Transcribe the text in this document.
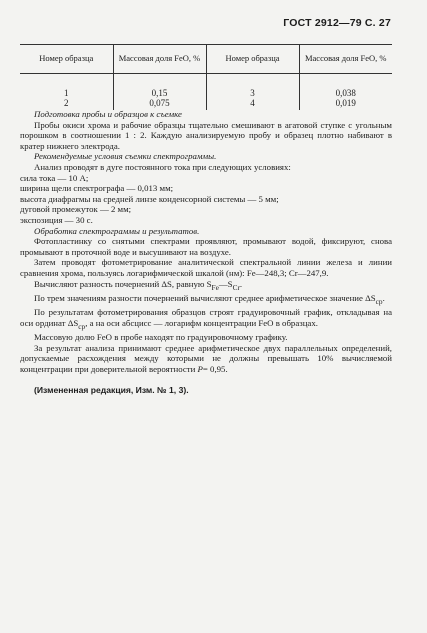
ГОСТ 2912—79 С. 27
Номер образца	Массовая доля FeO, %	Номер образца	Массовая доля FeO, %
1	0,15	3	0,038
2	0,075	4	0,019

Подготовка пробы и образцов к съемке

Пробы окиси хрома и рабочие образцы тщательно смешивают в агатовой ступке с угольным порошком в соотношении 1 : 2. Каждую анализируемую пробу и образец плотно набивают в кратер нижнего электрода.

Рекомендуемые условия съемки спектрограммы.

Анализ проводят в дуге постоянного тока при следующих условиях:

сила тока — 10 А;

ширина щели спектрографа — 0,013 мм;

высота диафрагмы на средней линзе конденсорной системы — 5 мм;

дуговой промежуток — 2 мм;

экспозиция — 30 с.

Обработка спектрограммы и результатов.

Фотопластинку со снятыми спектрами проявляют, промывают водой, фиксируют, снова промывают в проточной воде и высушивают на воздухе.

Затем проводят фотометрирование аналитической спектральной линии железа и линии сравнения хрома, пользуясь логарифмической шкалой (нм): Fe—248,3; Cr—247,9.

Вычисляют разность почернений ΔS, равную $S_{Fe}—S_{Cr}$.

По трем значениям разности почернений вычисляют среднее арифметическое значение $\Delta S_{ср}$.

По результатам фотометрирования образцов строят градуировочный график, откладывая на оси ординат $\Delta S_{ср}$, а на оси абсцисс — логарифм концентрации FeO в образцах.

Массовую долю FeO в пробе находят по градуировочному графику.

За результат анализа принимают среднее арифметическое двух параллельных определений, допускаемые расхождения между которыми не должны превышать 10% вычисляемой концентрации при доверительной вероятности P= 0,95.

(Измененная редакция, Изм. № 1, 3).
